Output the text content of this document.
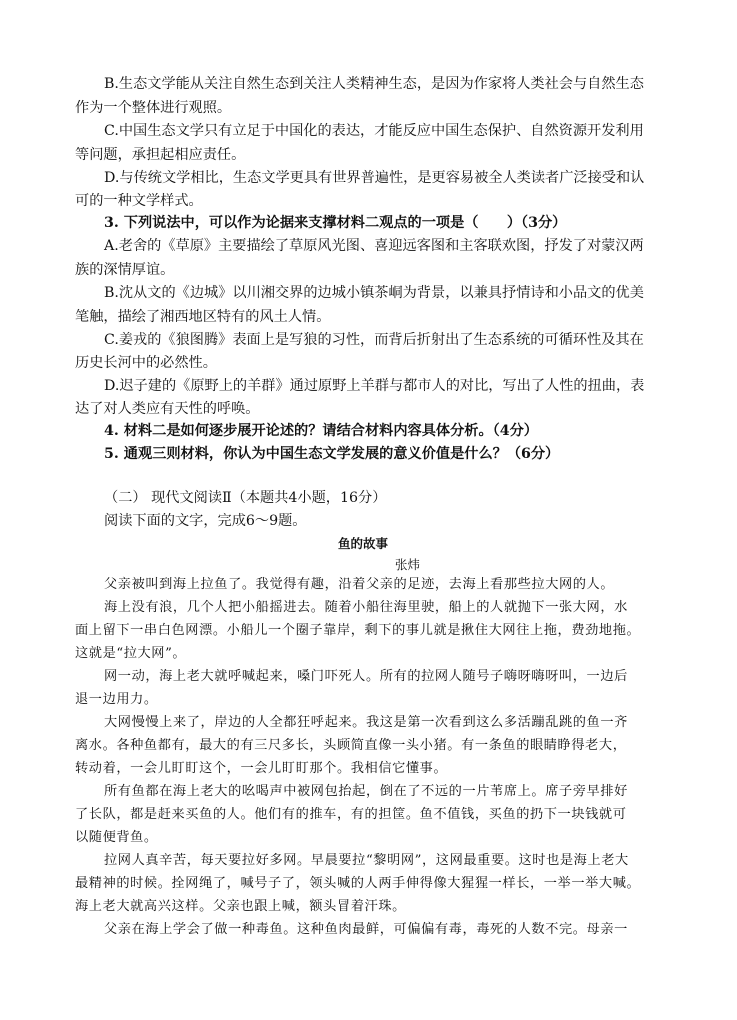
B.生态文学能从关注自然生态到关注人类精神生态，是因为作家将人类社会与自然生态
作为一个整体进行观照。
C.中国生态文学只有立足于中国化的表达，才能反应中国生态保护、自然资源开发利用
等问题，承担起相应责任。
D.与传统文学相比，生态文学更具有世界普遍性，是更容易被全人类读者广泛接受和认
可的一种文学样式。
3. 下列说法中，可以作为论据来支撑材料二观点的一项是（　　）（3分）
A.老舍的《草原》主要描绘了草原风光图、喜迎远客图和主客联欢图，抒发了对蒙汉两
族的深情厚谊。
B.沈从文的《边城》以川湘交界的边城小镇茶峒为背景，以兼具抒情诗和小品文的优美
笔触，描绘了湘西地区特有的风土人情。
C.姜戎的《狼图腾》表面上是写狼的习性，而背后折射出了生态系统的可循环性及其在
历史长河中的必然性。
D.迟子建的《原野上的羊群》通过原野上羊群与都市人的对比，写出了人性的扭曲，表
达了对人类应有天性的呼唤。
4. 材料二是如何逐步展开论述的？请结合材料内容具体分析。（4分）
5. 通观三则材料，你认为中国生态文学发展的意义价值是什么？（6分）
（二） 现代文阅读Ⅱ（本题共4小题，16分）
阅读下面的文字，完成6～9题。
鱼的故事
张炜
父亲被叫到海上拉鱼了。我觉得有趣，沿着父亲的足迹，去海上看那些拉大网的人。
海上没有浪，几个人把小船摇进去。随着小船往海里驶，船上的人就抛下一张大网，水
面上留下一串白色网漂。小船儿一个圈子靠岸，剩下的事儿就是揪住大网往上拖，费劲地拖。
这就是“拉大网”。
网一动，海上老大就呼喊起来，嗓门吓死人。所有的拉网人随号子嗨呀嗨呀叫，一边后
退一边用力。
大网慢慢上来了，岸边的人全都狂呼起来。我这是第一次看到这么多活蹦乱跳的鱼一齐
离水。各种鱼都有，最大的有三尺多长，头顾简直像一头小猪。有一条鱼的眼睛睁得老大，
转动着，一会儿盯盯这个，一会儿盯盯那个。我相信它懂事。
所有鱼都在海上老大的吆喝声中被网包抬起，倒在了不远的一片苇席上。席子旁早排好
了长队，都是赶来买鱼的人。他们有的推车，有的担筐。鱼不值钱，买鱼的扔下一块钱就可
以随便背鱼。
拉网人真辛苦，每天要拉好多网。早晨要拉“黎明网”，这网最重要。这时也是海上老大
最精神的时候。拴网绳了，喊号子了，领头喊的人两手伸得像大猩猩一样长，一举一举大喊。
海上老大就高兴这样。父亲也跟上喊，额头冒着汗珠。
父亲在海上学会了做一种毒鱼。这种鱼肉最鲜，可偏偏有毒，毒死的人数不完。母亲一
